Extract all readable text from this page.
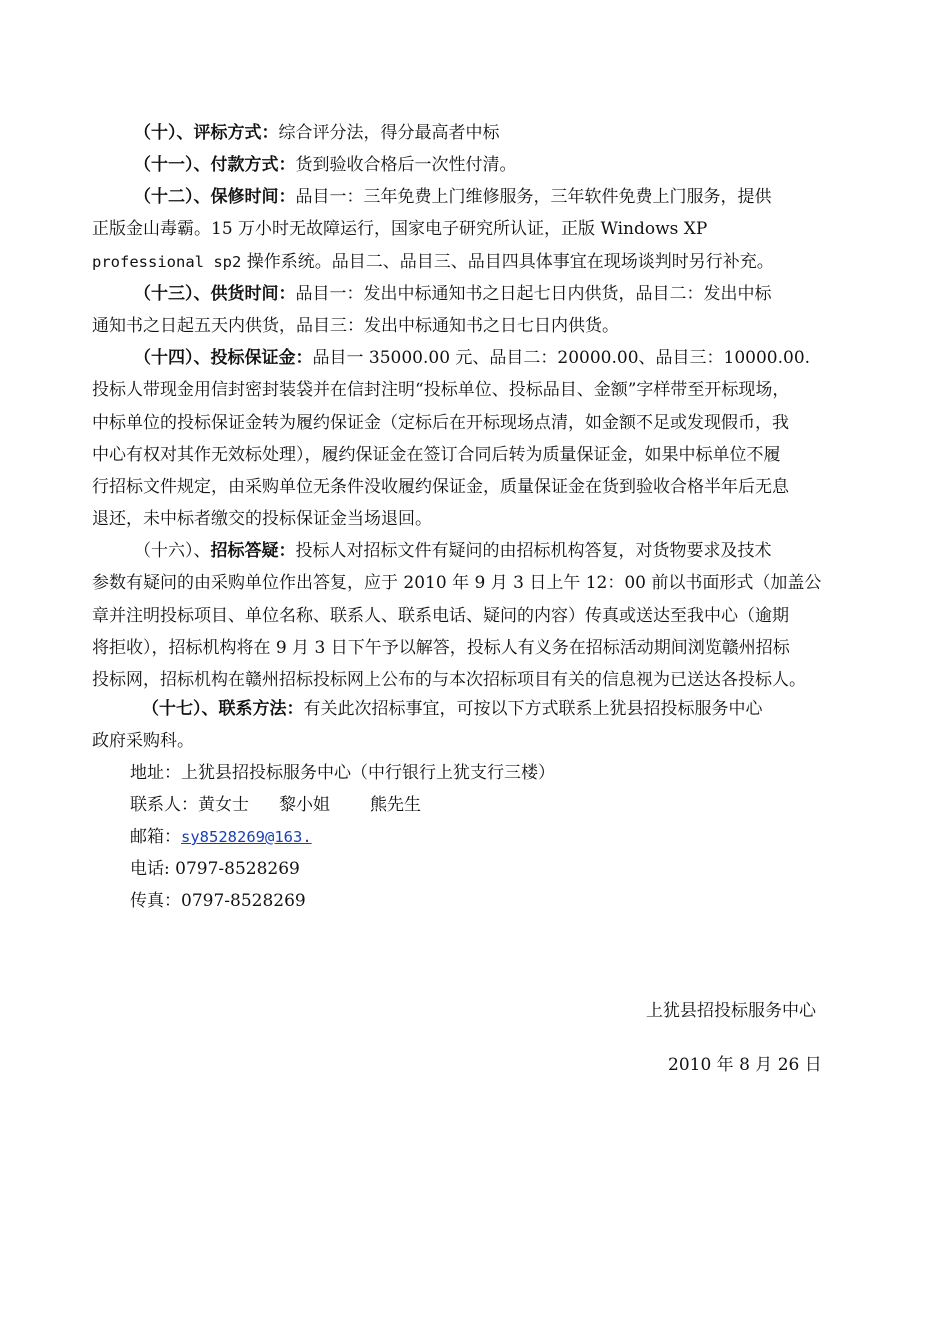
（十）、评标方式：综合评分法，得分最高者中标
（十一）、付款方式：货到验收合格后一次性付清。
（十二）、保修时间：品目一：三年免费上门维修服务，三年软件免费上门服务，提供
正版金山毒霸。15 万小时无故障运行，国家电子研究所认证，正版 Windows XP
professional sp2 操作系统。品目二、品目三、品目四具体事宜在现场谈判时另行补充。
（十三）、供货时间：品目一：发出中标通知书之日起七日内供货，品目二：发出中标
通知书之日起五天内供货，品目三：发出中标通知书之日七日内供货。
（十四）、投标保证金：品目一 35000.00 元、品目二：20000.00、品目三：10000.00.
投标人带现金用信封密封装袋并在信封注明“投标单位、投标品目、金额”字样带至开标现场，
中标单位的投标保证金转为履约保证金（定标后在开标现场点清，如金额不足或发现假币，我
中心有权对其作无效标处理），履约保证金在签订合同后转为质量保证金，如果中标单位不履
行招标文件规定，由采购单位无条件没收履约保证金，质量保证金在货到验收合格半年后无息
退还，未中标者缴交的投标保证金当场退回。
（十六）、招标答疑：投标人对招标文件有疑问的由招标机构答复，对货物要求及技术
参数有疑问的由采购单位作出答复，应于 2010 年 9 月 3 日上午 12：00 前以书面形式（加盖公
章并注明投标项目、单位名称、联系人、联系电话、疑问的内容）传真或送达至我中心（逾期
将拒收），招标机构将在 9 月 3 日下午予以解答，投标人有义务在招标活动期间浏览赣州招标
投标网，招标机构在赣州招标投标网上公布的与本次招标项目有关的信息视为已送达各投标人。
（十七）、联系方法：有关此次招标事宜，可按以下方式联系上犹县招投标服务中心
政府采购科。
地址：上犹县招投标服务中心（中行银行上犹支行三楼）
联系人：黄女士 黎小姐 熊先生
邮箱：sy8528269@163.
电话: 0797-8528269
传真：0797-8528269
上犹县招投标服务中心
2010 年 8 月 26 日
